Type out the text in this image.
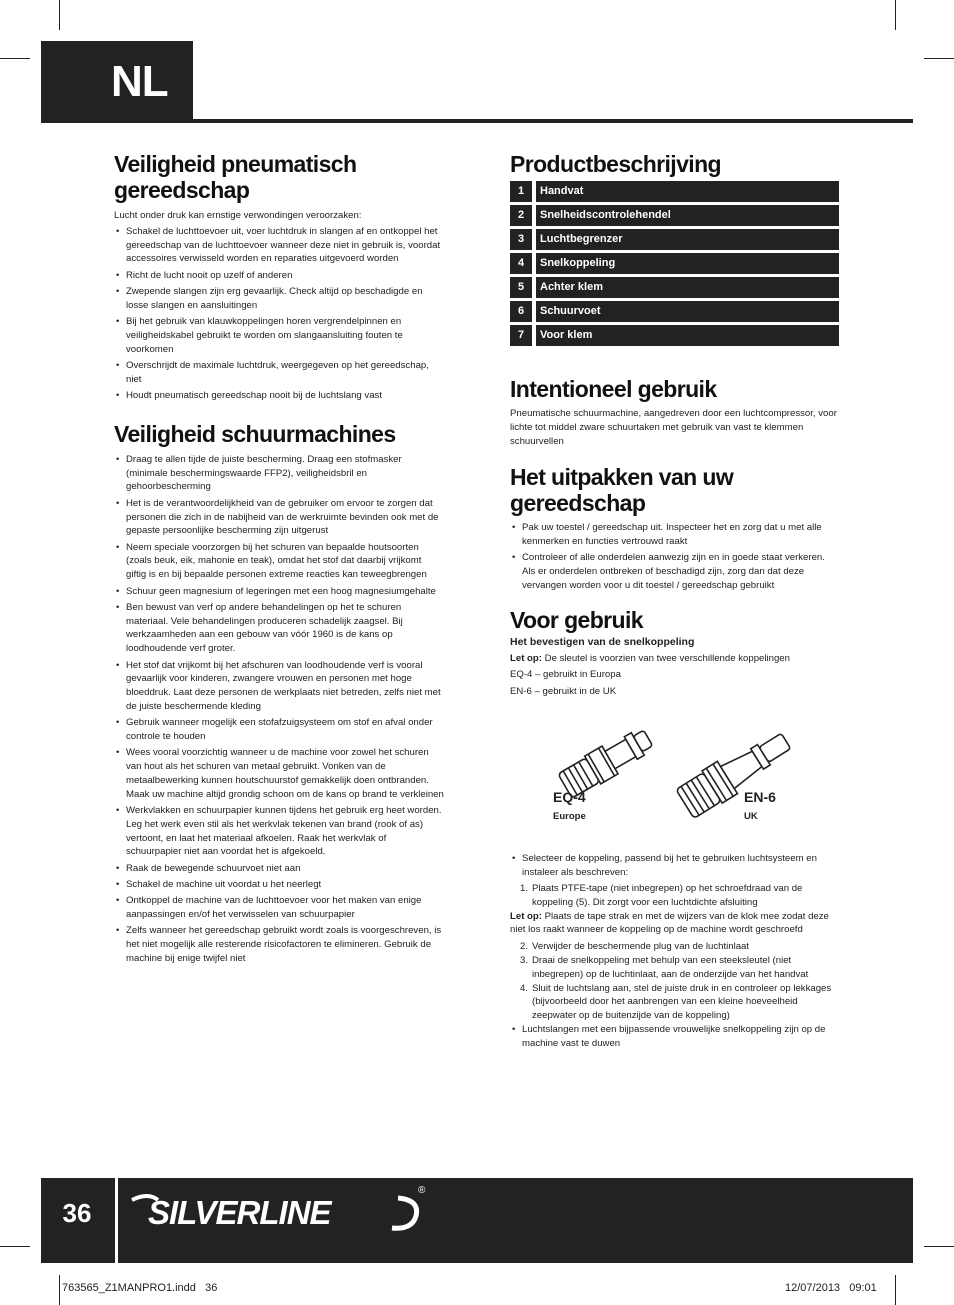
NL
Veiligheid pneumatisch
gereedschap

Lucht onder druk kan ernstige verwondingen veroorzaken:

• Schakel de luchttoevoer uit, voer luchtdruk in slangen af en ontkoppel het gereedschap van de luchttoevoer wanneer deze niet in gebruik is, voordat accessoires verwisseld worden en reparaties uitgevoerd worden
• Richt de lucht nooit op uzelf of anderen
• Zwepende slangen zijn erg gevaarlijk. Check altijd op beschadigde en losse slangen en aansluitingen
• Bij het gebruik van klauwkoppelingen horen vergrendelpinnen en veiligheidskabel gebruikt te worden om slangaansluiting fouten te voorkomen
• Overschrijdt de maximale luchtdruk, weergegeven op het gereedschap, niet
• Houdt pneumatisch gereedschap nooit bij de luchtslang vast
Veiligheid schuurmachines
• Draag te allen tijde de juiste bescherming. Draag een stofmasker (minimale beschermingswaarde FFP2), veiligheidsbril en gehoorbescherming
• Het is de verantwoordelijkheid van de gebruiker om ervoor te zorgen dat personen die zich in de nabijheid van de werkruimte bevinden ook met de gepaste persoonlijke bescherming zijn uitgerust
• Neem speciale voorzorgen bij het schuren van bepaalde houtsoorten (zoals beuk, eik, mahonie en teak), omdat het stof dat daarbij vrijkomt giftig is en bij bepaalde personen extreme reacties kan teweegbrengen
• Schuur geen magnesium of legeringen met een hoog magnesiumgehalte
• Ben bewust van verf op andere behandelingen op het te schuren materiaal. Vele behandelingen produceren schadelijk zaagsel. Bij werkzaamheden aan een gebouw van vóór 1960 is de kans op loodhoudende verf groter.
• Het stof dat vrijkomt bij het afschuren van loodhoudende verf is vooral gevaarlijk voor kinderen, zwangere vrouwen en personen met hoge bloeddruk. Laat deze personen de werkplaats niet betreden, zelfs niet met de juiste beschermende kleding
• Gebruik wanneer mogelijk een stofafzuigsysteem om stof en afval onder controle te houden
• Wees vooral voorzichtig wanneer u de machine voor zowel het schuren van hout als het schuren van metaal gebruikt. Vonken van de metaalbewerking kunnen houtschuurstof gemakkelijk doen ontbranden. Maak uw machine altijd grondig schoon om de kans op brand te verkleinen
• Werkvlakken en schuurpapier kunnen tijdens het gebruik erg heet worden. Leg het werk even stil als het werkvlak tekenen van brand (rook of as) vertoont, en laat het materiaal afkoelen. Raak het werkvlak of schuurpapier niet aan voordat het is afgekoeld.
• Raak de bewegende schuurvoet niet aan
• Schakel de machine uit voordat u het neerlegt
• Ontkoppel de machine van de luchttoevoer voor het maken van enige aanpassingen en/of het verwisselen van schuurpapier
• Zelfs wanneer het gereedschap gebruikt wordt zoals is voorgeschreven, is het niet mogelijk alle resterende risicofactoren te elimineren. Gebruik de machine bij enige twijfel niet
Productbeschrijving
1	Handvat
2	Snelheidscontrolehendel
3	Luchtbegrenzer
4	Snelkoppeling
5	Achter klem
6	Schuurvoet
7	Voor klem
Intentioneel gebruik

Pneumatische schuurmachine, aangedreven door een luchtcompressor, voor lichte tot middel zware schuurtaken met gebruik van vast te klemmen schuurvellen

Het uitpakken van uw
gereedschap
• Pak uw toestel / gereedschap uit. Inspecteer het en zorg dat u met alle kenmerken en functies vertrouwd raakt
• Controleer of alle onderdelen aanwezig zijn en in goede staat verkeren. Als er onderdelen ontbreken of beschadigd zijn, zorg dan dat deze vervangen worden voor u dit toestel / gereedschap gebruikt
Voor gebruik

Het bevestigen van de snelkoppeling

Let op: De sleutel is voorzien van twee verschillende koppelingen

EQ-4 – gebruikt in Europa

EN-6 – gebruikt in de UK

EQ-4
Europe
EN-6
UK
• Selecteer de koppeling, passend bij het te gebruiken luchtsysteem en instaleer als beschreven:
1. Plaats PTFE-tape (niet inbegrepen) op het schroefdraad van de koppeling (5). Dit zorgt voor een luchtdichte afsluiting

Let op: Plaats de tape strak en met de wijzers van de klok mee zodat deze niet los raakt wanneer de koppeling op de machine wordt geschroefd

2. Verwijder de beschermende plug van de luchtinlaat
3. Draai de snelkoppeling met behulp van een steeksleutel (niet inbegrepen) op de luchtinlaat, aan de onderzijde van het handvat
4. Sluit de luchtslang aan, stel de juiste druk in en controleer op lekkages (bijvoorbeeld door het aanbrengen van een kleine hoeveelheid zeepwater op de buitenzijde van de koppeling)
• Luchtslangen met een bijpassende vrouwelijke snelkoppeling zijn op de machine vast te duwen
36	SILVERLINE
®
763565_Z1MANPRO1.indd   36	12/07/2013   09:01
